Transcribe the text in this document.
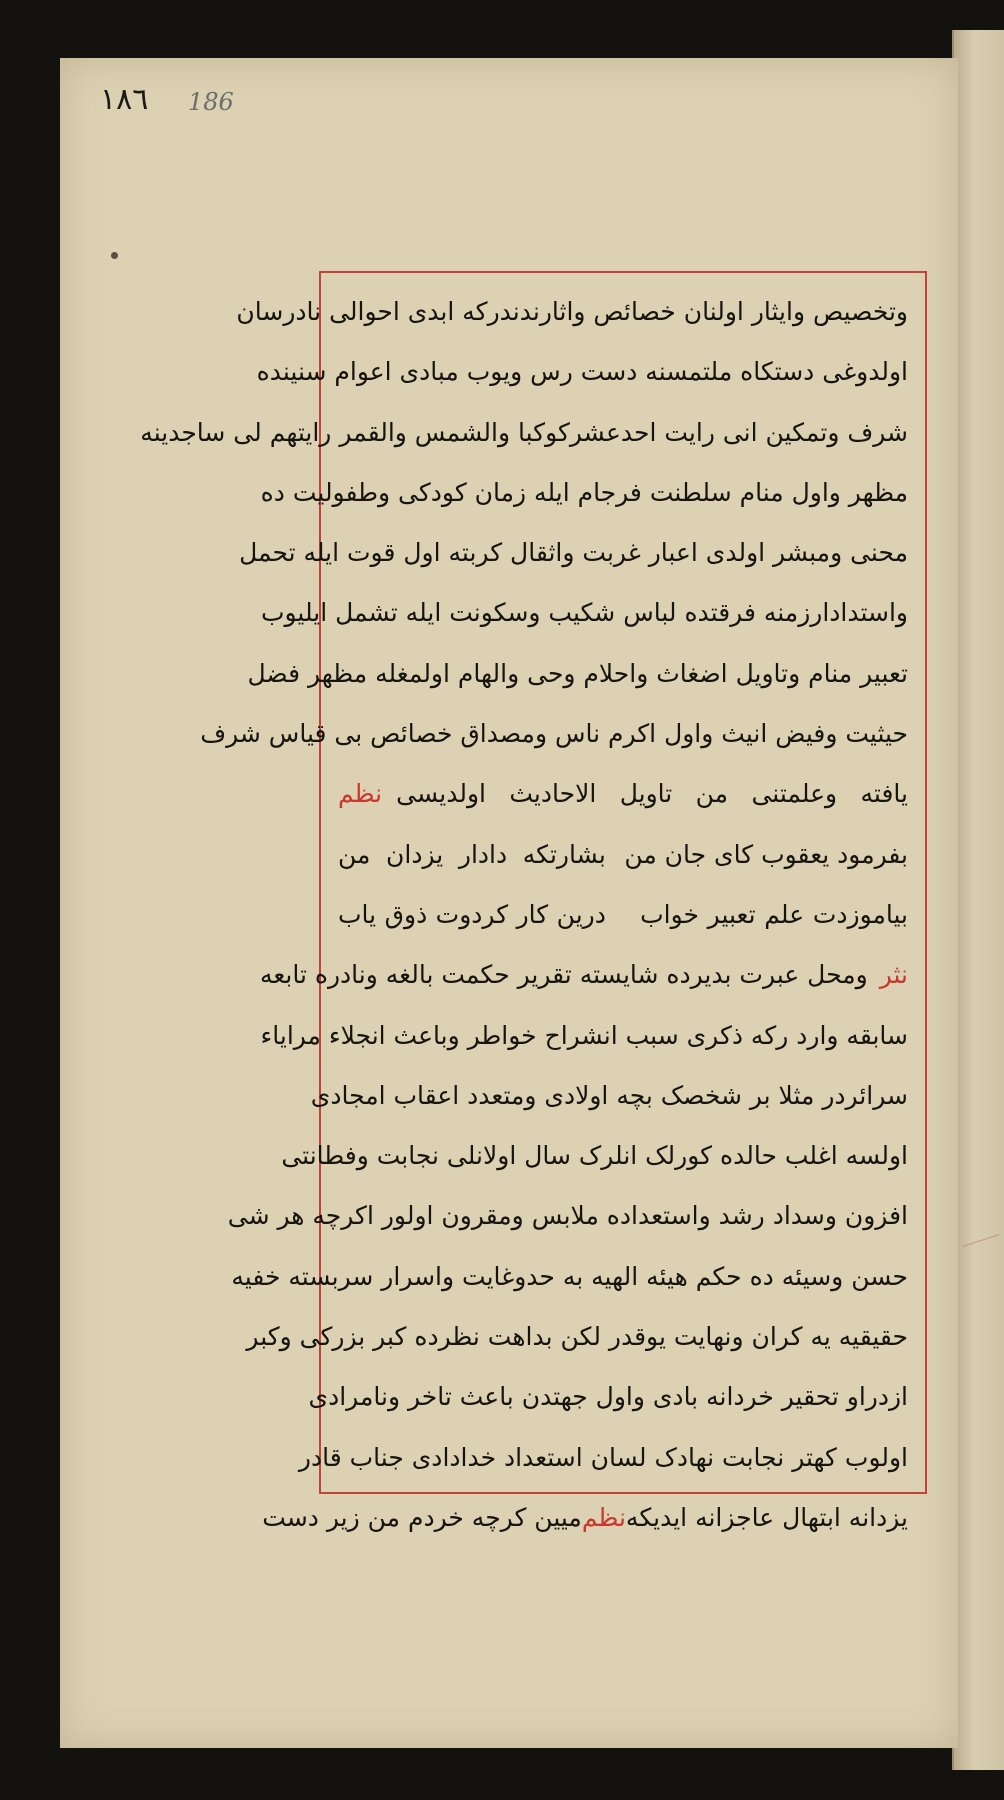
١٨٦ 186
وتخصیص وایثار اولنان خصائص واثارندندرکه ابدی احوالی نادرسان
اولدوغی دستکاه ملتمسنه دست رس ویوب مبادی اعوام سنینده
شرف وتمکین انی رایت احدعشرکوکبا والشمس والقمر رایتهم لی ساجدینه
مظهر واول منام سلطنت فرجام ایله زمان کودکی وطفولیت ده
محنی ومبشر اولدی اعبار غربت واثقال کربته اول قوت ایله تحمل
واستدادارزمنه فرقتده لباس شکیب وسکونت ایله تشمل ایلیوب
تعبیر منام وتاویل اضغاث واحلام وحی والهام اولمغله مظهر فضل
حیثیت وفیض انیث واول اکرم ناس ومصداق خصائص بی قیاس شرف
یافته وعلمتنی من تاویل الاحادیث اولدیسی
نظم
بفرمود یعقوب کای جان من
بشارتکه دادار یزدان من
بیاموزدت علم تعبیر خواب
درین کار کردوت ذوق یاب
نثر
ومحل عبرت بدیرده شایسته تقریر حکمت بالغه ونادره تابعه
سابقه وارد رکه ذکری سبب انشراح خواطر وباعث انجلاء مرایاء
سرائردر مثلا بر شخصک بچه اولادی ومتعدد اعقاب امجادی
اولسه اغلب حالده کورلک انلرک سال اولانلی نجابت وفطانتی
افزون وسداد رشد واستعداده ملابس ومقرون اولور اکرچه هر شی
حسن وسیئه ده حکم هیئه الهیه به حدوغایت واسرار سربسته خفیه
حقیقیه یه کران ونهایت یوقدر لکن بداهت نظرده کبر بزرکی وکبر
ازدراو تحقیر خردانه بادی واول جهتدن باعث تاخر ونامرادی
اولوب کهتر نجابت نهادک لسان استعداد خدادادی جناب قادر
یزدانه ابتهال عاجزانه ایدیکه
نظم
میین کرچه خردم من زیر دست
